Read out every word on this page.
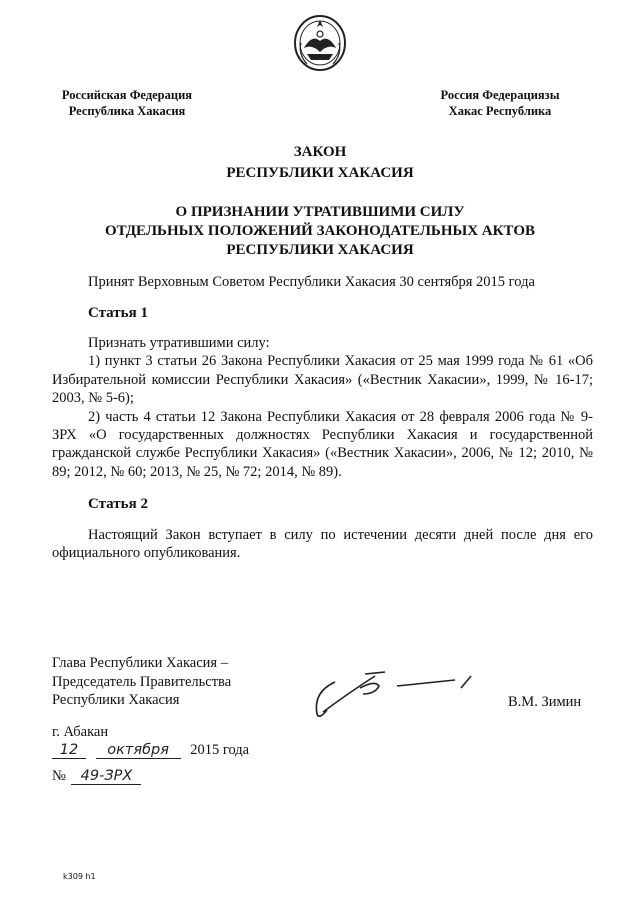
Российская Федерация
Республика Хакасия
Россия Федерациязы
Хакас Республика
ЗАКОН
РЕСПУБЛИКИ ХАКАСИЯ
О ПРИЗНАНИИ УТРАТИВШИМИ СИЛУ
ОТДЕЛЬНЫХ ПОЛОЖЕНИЙ ЗАКОНОДАТЕЛЬНЫХ АКТОВ
РЕСПУБЛИКИ ХАКАСИЯ
Принят Верховным Советом Республики Хакасия 30 сентября 2015 года
Статья 1

Признать утратившими силу:

1) пункт 3 статьи 26 Закона Республики Хакасия от 25 мая 1999 года № 61 «Об Избирательной комиссии Республики Хакасия» («Вестник Хакасии», 1999, № 16-17; 2003, № 5-6);

2) часть 4 статьи 12 Закона Республики Хакасия от 28 февраля 2006 года № 9-ЗРХ «О государственных должностях Республики Хакасия и государственной гражданской службе Республики Хакасия» («Вестник Хакасии», 2006, № 12; 2010, № 89; 2012, № 60; 2013, № 25, № 72; 2014, № 89).

Статья 2

Настоящий Закон вступает в силу по истечении десяти дней после дня его официального опубликования.

Глава Республики Хакасия –
Председатель Правительства
Республики Хакасия	В.М. Зимин
г. Абакан
12 октября 2015 года
№ 49-ЗРХ
k309 h1
